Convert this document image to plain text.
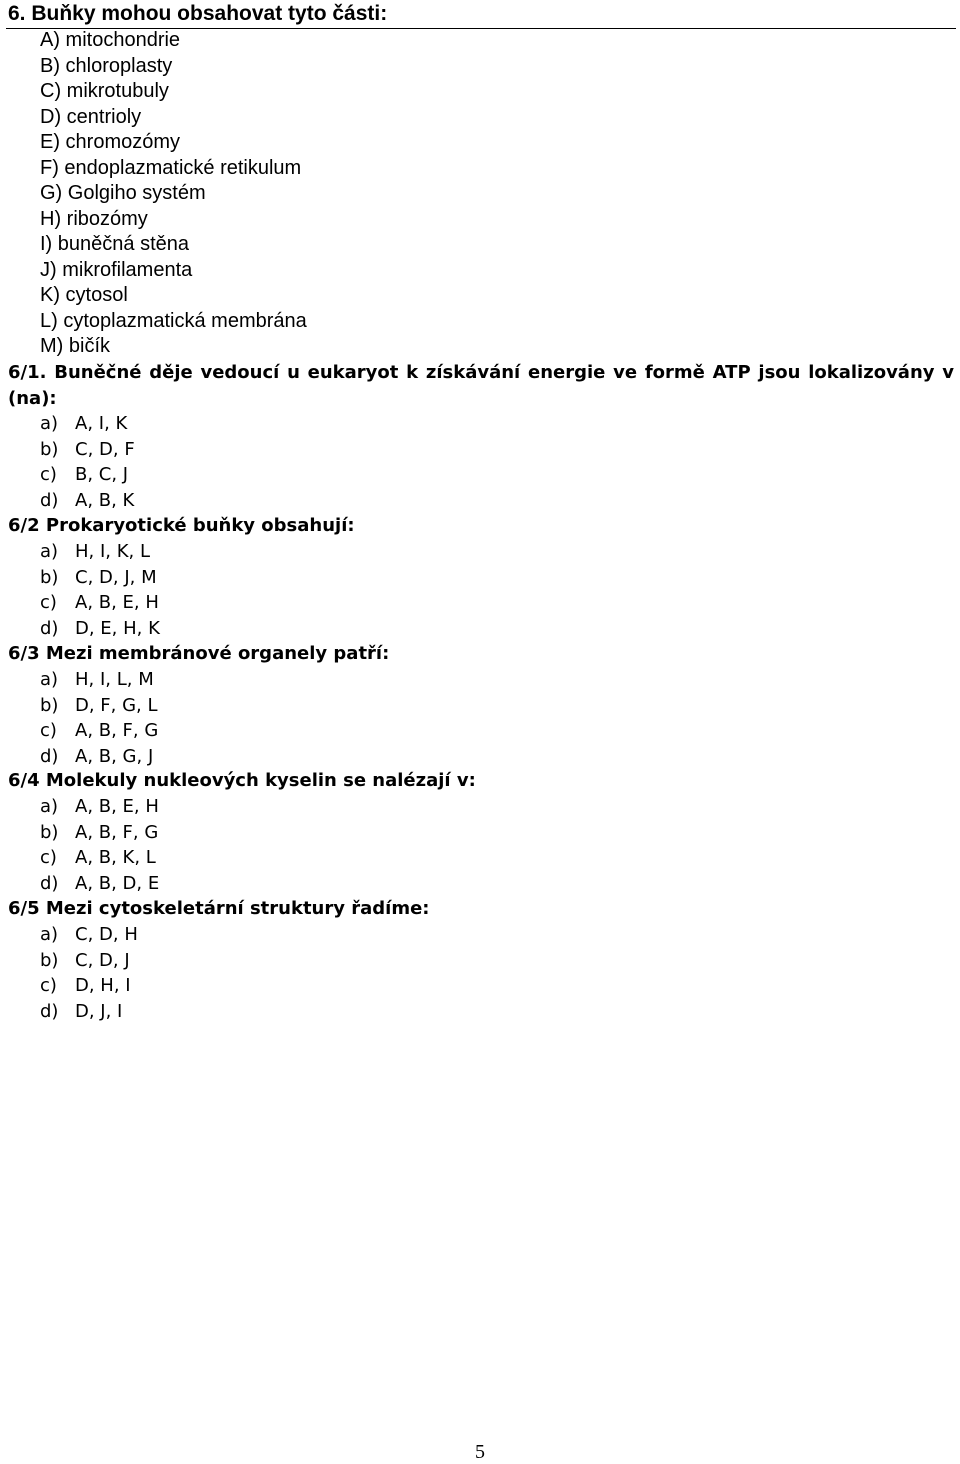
6. Buňky mohou obsahovat tyto části:
A) mitochondrie
B) chloroplasty
C) mikrotubuly
D) centrioly
E) chromozómy
F) endoplazmatické retikulum
G) Golgiho systém
H) ribozómy
I) buněčná stěna
J) mikrofilamenta
K) cytosol
L) cytoplazmatická membrána
M) bičík
6/1. Buněčné děje vedoucí u eukaryot k získávání energie ve formě ATP jsou lokalizovány v (na):
a) A, I, K
b) C, D, F
c) B, C, J
d) A, B, K
6/2 Prokaryotické buňky obsahují:
a) H, I, K, L
b) C, D, J, M
c) A, B, E, H
d) D, E, H, K
6/3 Mezi membránové organely patří:
a) H, I, L, M
b) D, F, G, L
c) A, B, F, G
d) A, B, G, J
6/4 Molekuly nukleových kyselin se nalézají v:
a) A, B, E, H
b) A, B, F, G
c) A, B, K, L
d) A, B, D, E
6/5 Mezi cytoskeletární struktury řadíme:
a) C, D, H
b) C, D, J
c) D, H, I
d) D, J, I
5
